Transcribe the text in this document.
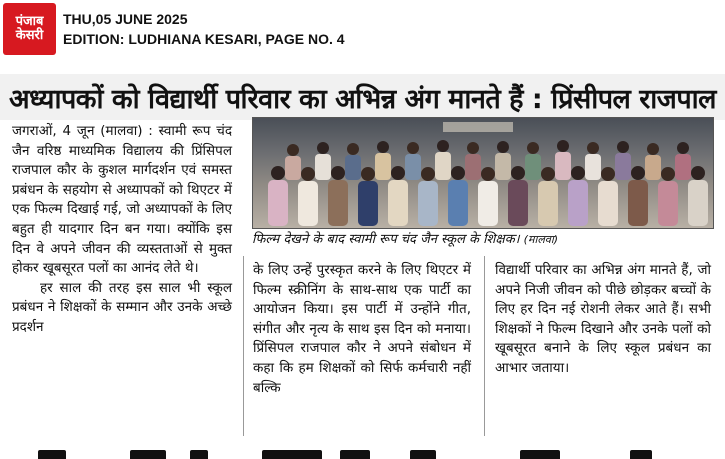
पंजाब
केसरी
THU,05 JUNE 2025
EDITION: LUDHIANA KESARI, PAGE NO. 4
अध्यापकों को विद्यार्थी परिवार का अभिन्न अंग मानते हैं : प्रिंसीपल राजपाल

जगराओं, 4 जून (मालवा) : स्वामी रूप चंद जैन वरिष्ठ माध्यमिक विद्यालय की प्रिंसिपल राजपाल कौर के कुशल मार्गदर्शन एवं समस्त प्रबंधन के सहयोग से अध्यापकों को थिएटर में एक फिल्म दिखाई गई, जो अध्यापकों के लिए बहुत ही यादगार दिन बन गया। क्योंकि इस दिन वे अपने जीवन की व्यस्तताओं से मुक्त होकर खूबसूरत पलों का आनंद लेते थे।

हर साल की तरह इस साल भी स्कूल प्रबंधन ने शिक्षकों के सम्मान और उनके अच्छे प्रदर्शन

फिल्म देखने के बाद स्वामी रूप चंद जैन स्कूल के शिक्षक। (मालवा)

के लिए उन्हें पुरस्कृत करने के लिए थिएटर में फिल्म स्क्रीनिंग के साथ-साथ एक पार्टी का आयोजन किया। इस पार्टी में उन्होंने गीत, संगीत और नृत्य के साथ इस दिन को मनाया। प्रिंसिपल राजपाल कौर ने अपने संबोधन में कहा कि हम शिक्षकों को सिर्फ कर्मचारी नहीं बल्कि

विद्यार्थी परिवार का अभिन्न अंग मानते हैं, जो अपने निजी जीवन को पीछे छोड़कर बच्चों के लिए हर दिन नई रोशनी लेकर आते हैं। सभी शिक्षकों ने फिल्म दिखाने और उनके पलों को खूबसूरत बनाने के लिए स्कूल प्रबंधन का आभार जताया।
